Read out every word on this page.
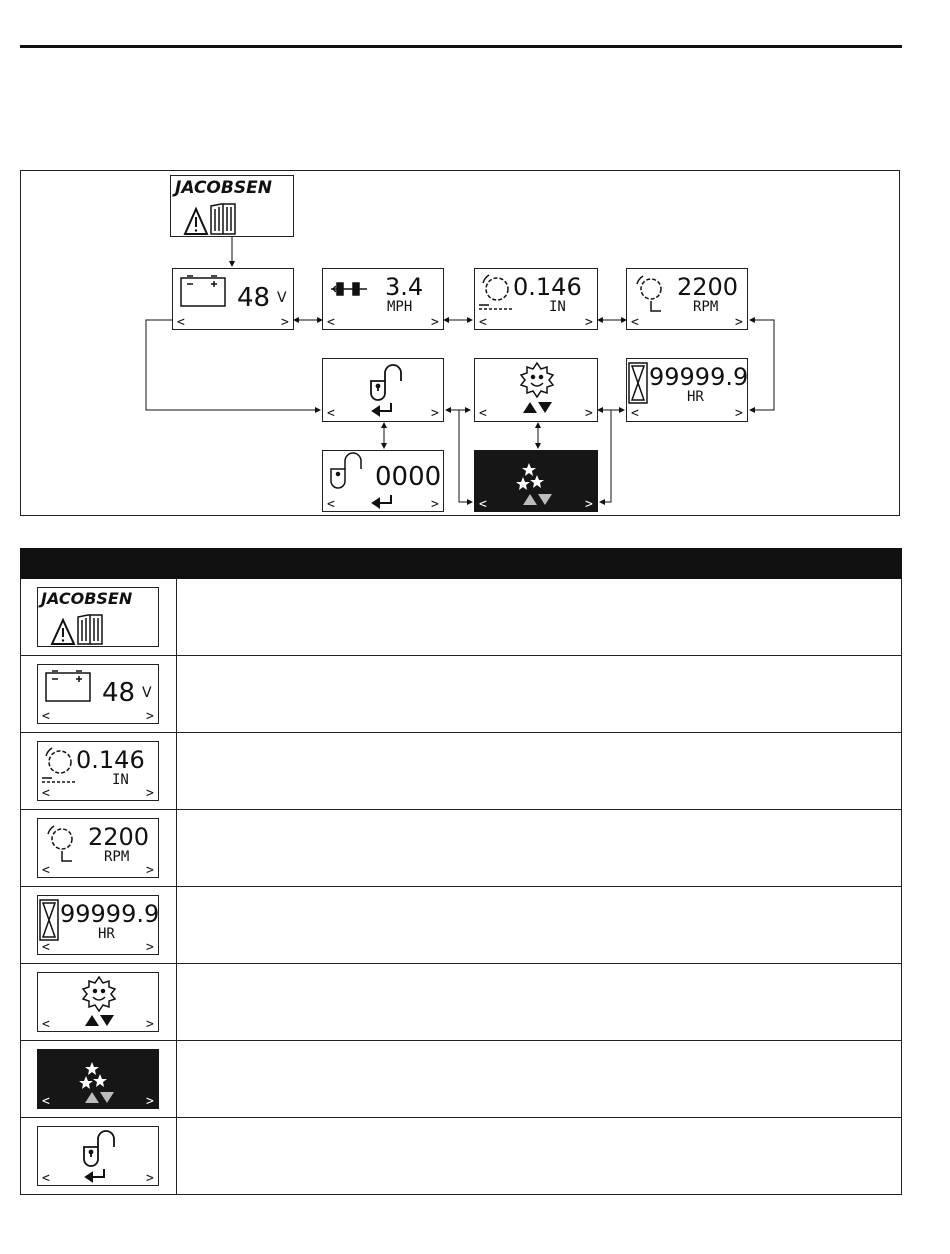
JACOBSEN
48 V
<	>
3.4
MPH
<	>
0.146
IN
<	>
2200
RPM
<	>
<	>	<	>
99999.9
HR
<	>
0000
<	>	<	>
JACOBSEN
48 V
<	>
0.146
IN
<	>
2200
RPM
<	>
99999.9
HR
<	>
<	>
<	>
<	>
